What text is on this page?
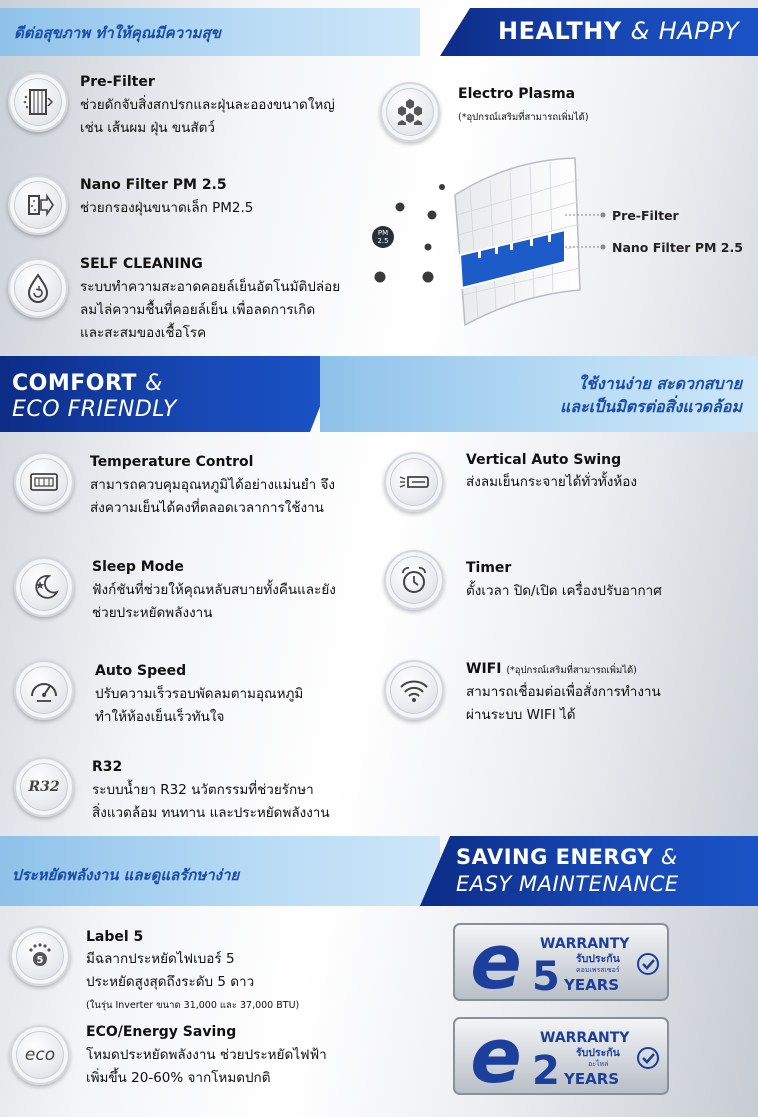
ดีต่อสุขภาพ ทำให้คุณมีความสุข	HEALTHY & HAPPY
Pre-Filter
ช่วยดักจับสิ่งสกปรกและฝุ่นละอองขนาดใหญ่
เช่น เส้นผม ฝุ่น ขนสัตว์
Nano Filter PM 2.5
ช่วยกรองฝุ่นขนาดเล็ก PM2.5
SELF CLEANING
ระบบทำความสะอาดคอยล์เย็นอัตโนมัติปล่อย
ลมไล่ความชื้นที่คอยล์เย็น เพื่อลดการเกิด
และสะสมของเชื้อโรค
Electro Plasma
(*อุปกรณ์เสริมที่สามารถเพิ่มได้)
PM
2.5
Pre-Filter
Nano Filter PM 2.5
COMFORT &
ECO FRIENDLY
ใช้งานง่าย สะดวกสบาย
และเป็นมิตรต่อสิ่งแวดล้อม
Temperature Control
สามารถควบคุมอุณหภูมิได้อย่างแม่นยำ จึง
ส่งความเย็นได้คงที่ตลอดเวลาการใช้งาน
Vertical Auto Swing
ส่งลมเย็นกระจายได้ทั่วทั้งห้อง
Sleep Mode
ฟังก์ชันที่ช่วยให้คุณหลับสบายทั้งคืนและยัง
ช่วยประหยัดพลังงาน
Timer
ตั้งเวลา ปิด/เปิด เครื่องปรับอากาศ
Auto Speed
ปรับความเร็วรอบพัดลมตามอุณหภูมิ
ทำให้ห้องเย็นเร็วทันใจ
WIFI (*อุปกรณ์เสริมที่สามารถเพิ่มได้)
สามารถเชื่อมต่อเพื่อสั่งการทำงาน
ผ่านระบบ WIFI ได้
R32
R32
ระบบน้ำยา R32 นวัตกรรมที่ช่วยรักษา
สิ่งแวดล้อม ทนทาน และประหยัดพลังงาน
ประหยัดพลังงาน และดูแลรักษาง่าย
SAVING ENERGY &
EASY MAINTENANCE
5
Label 5
มีฉลากประหยัดไฟเบอร์ 5
ประหยัดสูงสุดถึงระดับ 5 ดาว
(ในรุ่น Inverter ขนาด 31,000 และ 37,000 BTU)
eco
ECO/Energy Saving
โหมดประหยัดพลังงาน ช่วยประหยัดไฟฟ้า
เพิ่มขึ้น 20-60% จากโหมดปกติ
e WARRANTY
5 รับประกัน
คอมเพรสเซอร์
YEARS
e WARRANTY
2 รับประกัน
อะไหล่
YEARS
